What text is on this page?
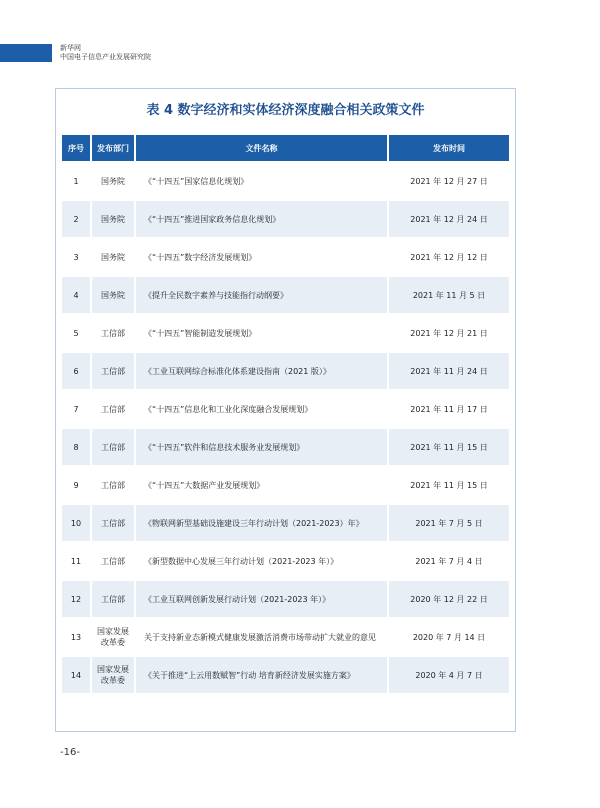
新华网
中国电子信息产业发展研究院
表 4 数字经济和实体经济深度融合相关政策文件
序号	发布部门	文件名称	发布时间
1	国务院	《“十四五”国家信息化规划》	2021 年 12 月 27 日
2	国务院	《“十四五”推进国家政务信息化规划》	2021 年 12 月 24 日
3	国务院	《“十四五”数字经济发展规划》	2021 年 12 月 12 日
4	国务院	《提升全民数字素养与技能指行动纲要》	2021 年 11 月 5 日
5	工信部	《“十四五”智能制造发展规划》	2021 年 12 月 21 日
6	工信部	《工业互联网综合标准化体系建设指南（2021 版）》	2021 年 11 月 24 日
7	工信部	《“十四五”信息化和工业化深度融合发展规划》	2021 年 11 月 17 日
8	工信部	《“十四五”软件和信息技术服务业发展规划》	2021 年 11 月 15 日
9	工信部	《“十四五”大数据产业发展规划》	2021 年 11 月 15 日
10	工信部	《物联网新型基础设施建设三年行动计划（2021-2023）年》	2021 年 7 月 5 日
11	工信部	《新型数据中心发展三年行动计划（2021-2023 年）》	2021 年 7 月 4 日
12	工信部	《工业互联网创新发展行动计划（2021-2023 年）》	2020 年 12 月 22 日
13	国家发展改革委	关于支持新业态新模式健康发展激活消费市场带动扩大就业的意见	2020 年 7 月 14 日
14	国家发展改革委	《关于推进“上云用数赋智”行动 培育新经济发展实施方案》	2020 年 4 月 7 日
-16-
